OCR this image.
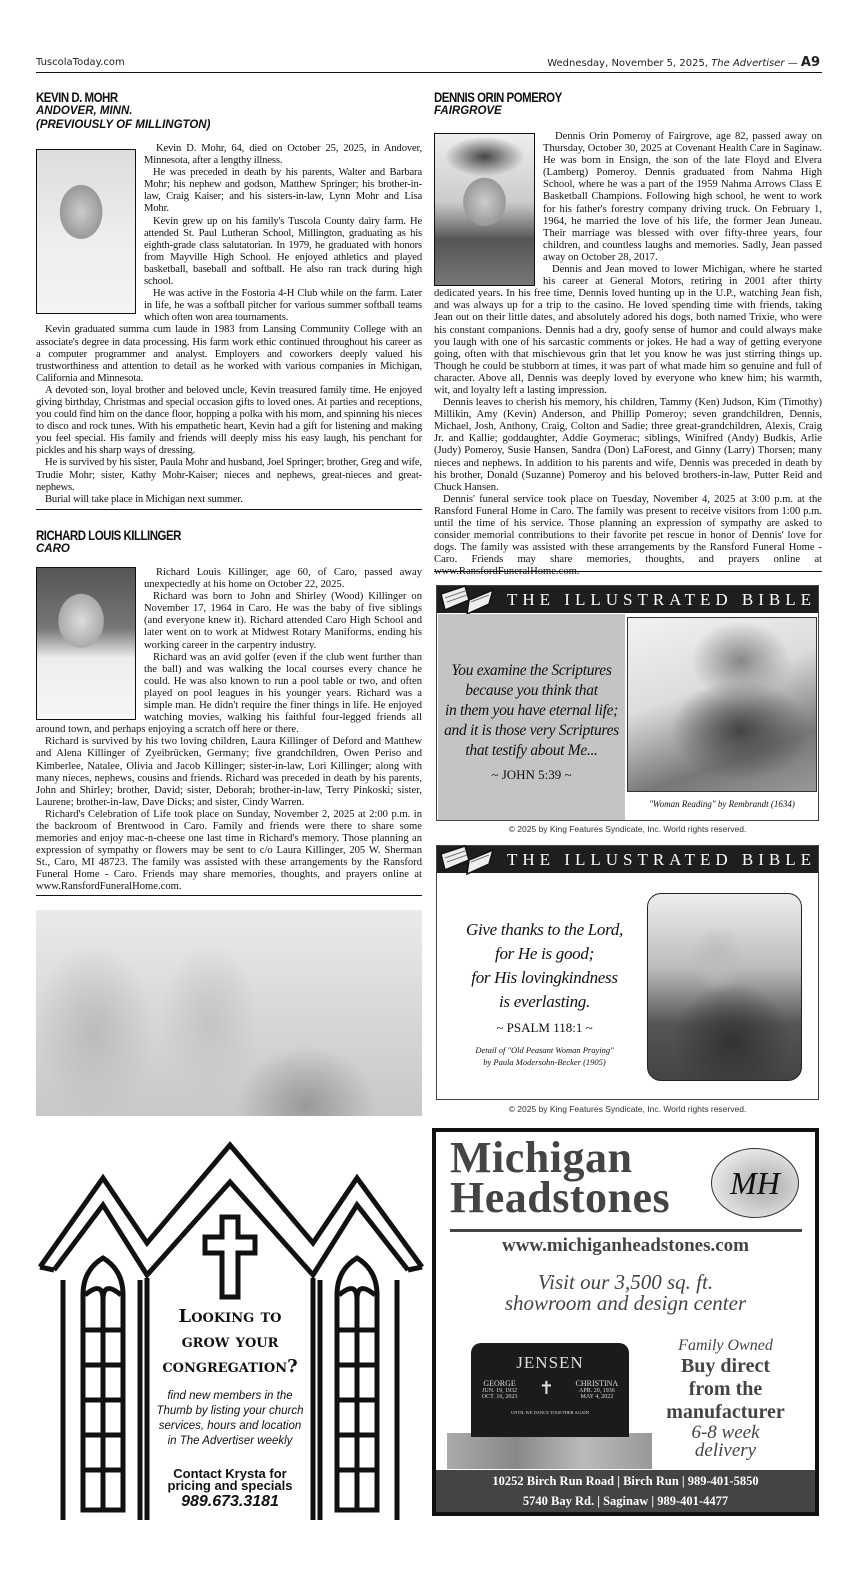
TuscolaToday.com	Wednesday, November 5, 2025, The Advertiser — A9
KEVIN D. MOHR
ANDOVER, MINN.
(PREVIOUSLY OF MILLINGTON)

Kevin D. Mohr, 64, died on October 25, 2025, in Andover, Minnesota, after a lengthy illness.

He was preceded in death by his parents, Walter and Barbara Mohr; his nephew and godson, Matthew Springer; his brother-in-law, Craig Kaiser; and his sisters-in-law, Lynn Mohr and Lisa Mohr.

Kevin grew up on his family's Tuscola County dairy farm. He attended St. Paul Lutheran School, Millington, graduating as his eighth-grade class salutatorian. In 1979, he graduated with honors from Mayville High School. He enjoyed athletics and played basketball, baseball and softball. He also ran track during high school.

He was active in the Fostoria 4-H Club while on the farm. Later in life, he was a softball pitcher for various summer softball teams which often won area tournaments.

Kevin graduated summa cum laude in 1983 from Lansing Community College with an associate's degree in data processing. His farm work ethic continued throughout his career as a computer programmer and analyst. Employers and coworkers deeply valued his trustworthiness and attention to detail as he worked with various companies in Michigan, California and Minnesota.

A devoted son, loyal brother and beloved uncle, Kevin treasured family time. He enjoyed giving birthday, Christmas and special occasion gifts to loved ones. At parties and receptions, you could find him on the dance floor, hopping a polka with his mom, and spinning his nieces to disco and rock tunes. With his empathetic heart, Kevin had a gift for listening and making you feel special. His family and friends will deeply miss his easy laugh, his penchant for pickles and his sharp ways of dressing.

He is survived by his sister, Paula Mohr and husband, Joel Springer; brother, Greg and wife, Trudie Mohr; sister, Kathy Mohr-Kaiser; nieces and nephews, great-nieces and great-nephews.

Burial will take place in Michigan next summer.

RICHARD LOUIS KILLINGER
CARO

Richard Louis Killinger, age 60, of Caro, passed away unexpectedly at his home on October 22, 2025.

Richard was born to John and Shirley (Wood) Killinger on November 17, 1964 in Caro. He was the baby of five siblings (and everyone knew it). Richard attended Caro High School and later went on to work at Midwest Rotary Maniforms, ending his working career in the carpentry industry.

Richard was an avid golfer (even if the club went further than the ball) and was walking the local courses every chance he could. He was also known to run a pool table or two, and often played on pool leagues in his younger years. Richard was a simple man. He didn't require the finer things in life. He enjoyed watching movies, walking his faithful four-legged friends all around town, and perhaps enjoying a scratch off here or there.

Richard is survived by his two loving children, Laura Killinger of Deford and Matthew and Alena Killinger of Zyeibrücken, Germany; five grandchildren, Owen Periso and Kimberlee, Natalee, Olivia and Jacob Killinger; sister-in-law, Lori Killinger; along with many nieces, nephews, cousins and friends. Richard was preceded in death by his parents, John and Shirley; brother, David; sister, Deborah; brother-in-law, Terry Pinkoski; sister, Laurene; brother-in-law, Dave Dicks; and sister, Cindy Warren.

Richard's Celebration of Life took place on Sunday, November 2, 2025 at 2:00 p.m. in the backroom of Brentwood in Caro. Family and friends were there to share some memories and enjoy mac-n-cheese one last time in Richard's memory. Those planning an expression of sympathy or flowers may be sent to c/o Laura Killinger, 205 W. Sherman St., Caro, MI 48723. The family was assisted with these arrangements by the Ransford Funeral Home - Caro. Friends may share memories, thoughts, and prayers online at www.RansfordFuneralHome.com.

Looking to
grow your
congregation?
find new members in the
Thumb by listing your church
services, hours and location
in The Advertiser weekly
Contact Krysta for
pricing and specials
989.673.3181
DENNIS ORIN POMEROY
FAIRGROVE

Dennis Orin Pomeroy of Fairgrove, age 82, passed away on Thursday, October 30, 2025 at Covenant Health Care in Saginaw. He was born in Ensign, the son of the late Floyd and Elvera (Lamberg) Pomeroy. Dennis graduated from Nahma High School, where he was a part of the 1959 Nahma Arrows Class E Basketball Champions. Following high school, he went to work for his father's forestry company driving truck. On February 1, 1964, he married the love of his life, the former Jean Juneau. Their marriage was blessed with over fifty-three years, four children, and countless laughs and memories. Sadly, Jean passed away on October 28, 2017.

Dennis and Jean moved to lower Michigan, where he started his career at General Motors, retiring in 2001 after thirty dedicated years. In his free time, Dennis loved hunting up in the U.P., watching Jean fish, and was always up for a trip to the casino. He loved spending time with friends, taking Jean out on their little dates, and absolutely adored his dogs, both named Trixie, who were his constant companions. Dennis had a dry, goofy sense of humor and could always make you laugh with one of his sarcastic comments or jokes. He had a way of getting everyone going, often with that mischievous grin that let you know he was just stirring things up. Though he could be stubborn at times, it was part of what made him so genuine and full of character. Above all, Dennis was deeply loved by everyone who knew him; his warmth, wit, and loyalty left a lasting impression.

Dennis leaves to cherish his memory, his children, Tammy (Ken) Judson, Kim (Timothy) Millikin, Amy (Kevin) Anderson, and Phillip Pomeroy; seven grandchildren, Dennis, Michael, Josh, Anthony, Craig, Colton and Sadie; three great-grandchildren, Alexis, Craig Jr. and Kallie; goddaughter, Addie Goymerac; siblings, Winifred (Andy) Budkis, Arlie (Judy) Pomeroy, Susie Hansen, Sandra (Don) LaForest, and Ginny (Larry) Thorsen; many nieces and nephews. In addition to his parents and wife, Dennis was preceded in death by his brother, Donald (Suzanne) Pomeroy and his beloved brothers-in-law, Putter Reid and Chuck Hansen.

Dennis' funeral service took place on Tuesday, November 4, 2025 at 3:00 p.m. at the Ransford Funeral Home in Caro. The family was present to receive visitors from 1:00 p.m. until the time of his service. Those planning an expression of sympathy are asked to consider memorial contributions to their favorite pet rescue in honor of Dennis' love for dogs. The family was assisted with these arrangements by the Ransford Funeral Home - Caro. Friends may share memories, thoughts, and prayers online at

THE ILLUSTRATED BIBLE
You examine the Scriptures
because you think that
in them you have eternal life;
and it is those very Scriptures
that testify about Me...
~ JOHN 5:39 ~
"Woman Reading" by Rembrandt (1634)
© 2025 by King Features Syndicate, Inc. World rights reserved.
THE ILLUSTRATED BIBLE
Give thanks to the Lord,
for He is good;
for His lovingkindness
is everlasting.
~ PSALM 118:1 ~
Detail of "Old Peasant Woman Praying"
by Paula Modersohn-Becker (1905)
© 2025 by King Features Syndicate, Inc. World rights reserved.
Michigan
Headstones	MH
www.michiganheadstones.com
Visit our 3,500 sq. ft.
showroom and design center
JENSEN
GEORGE
JUN. 19, 1932
OCT. 16, 2023 ✝	CHRISTINA
APR. 20, 1936
MAY 4, 2022
UNTIL WE DANCE TOGETHER AGAIN
Family Owned
Buy direct
from the
manufacturer
6-8 week
delivery
10252 Birch Run Road | Birch Run | 989-401-5850
5740 Bay Rd. | Saginaw | 989-401-4477
